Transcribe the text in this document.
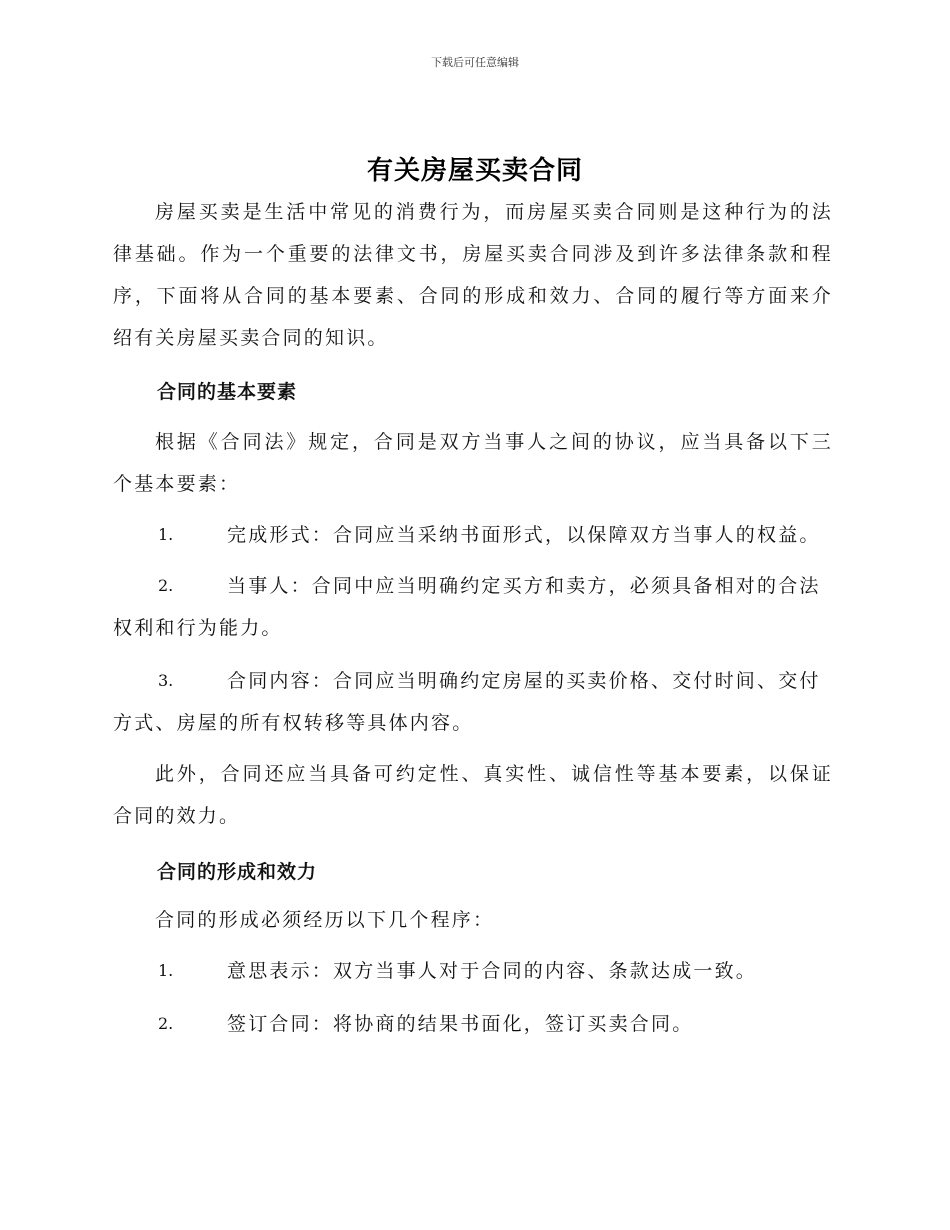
下载后可任意编辑
有关房屋买卖合同
房屋买卖是生活中常见的消费行为，而房屋买卖合同则是这种行为的法律基础。作为一个重要的法律文书，房屋买卖合同涉及到许多法律条款和程序，下面将从合同的基本要素、合同的形成和效力、合同的履行等方面来介绍有关房屋买卖合同的知识。
合同的基本要素
根据《合同法》规定，合同是双方当事人之间的协议，应当具备以下三个基本要素：
1.	完成形式：合同应当采纳书面形式，以保障双方当事人的权益。
2.	当事人：合同中应当明确约定买方和卖方，必须具备相对的合法权利和行为能力。
3.	合同内容：合同应当明确约定房屋的买卖价格、交付时间、交付方式、房屋的所有权转移等具体内容。
此外，合同还应当具备可约定性、真实性、诚信性等基本要素，以保证合同的效力。
合同的形成和效力
合同的形成必须经历以下几个程序：
1.	意思表示：双方当事人对于合同的内容、条款达成一致。
2.	签订合同：将协商的结果书面化，签订买卖合同。
